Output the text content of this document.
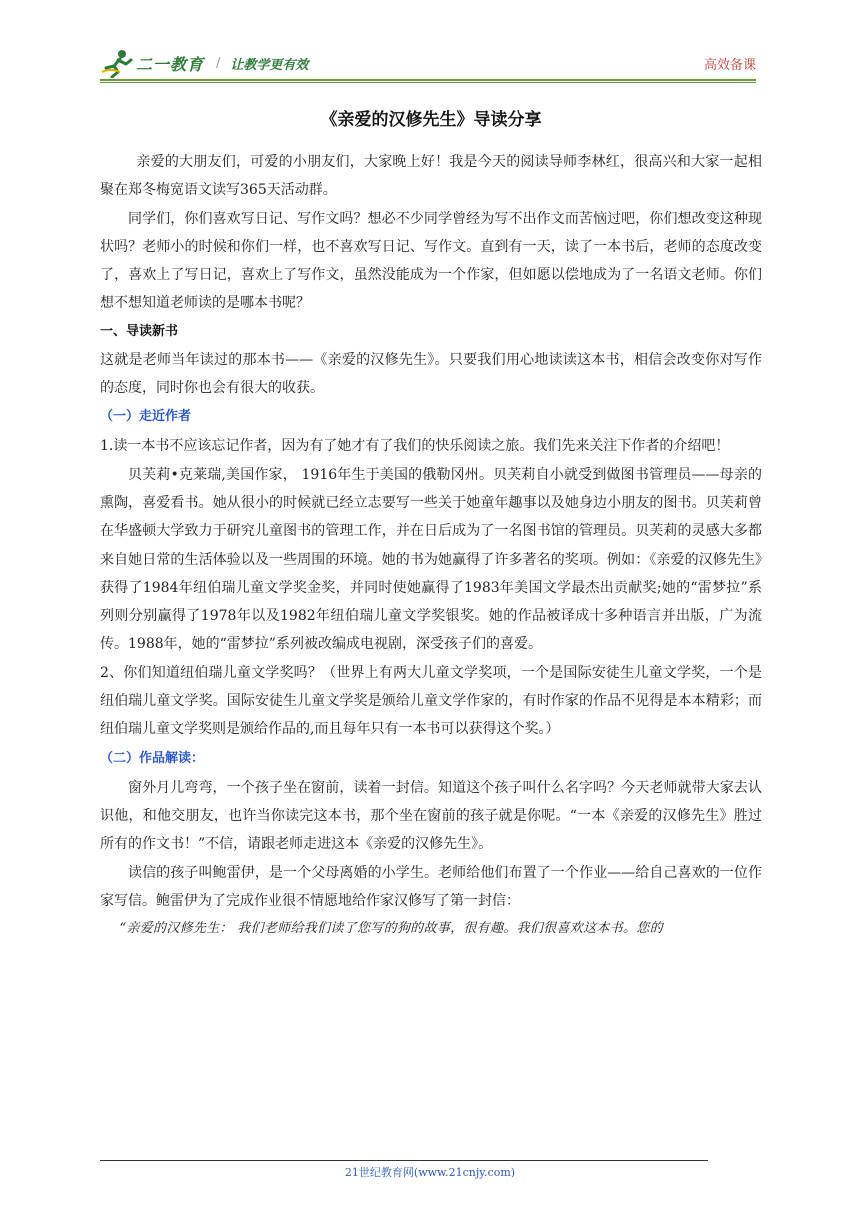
二一教育 / 让教学更有效	高效备课
《亲爱的汉修先生》导读分享

亲爱的大朋友们，可爱的小朋友们，大家晚上好！我是今天的阅读导师李林红，很高兴和大家一起相聚在郑冬梅宽语文读写365天活动群。

同学们，你们喜欢写日记、写作文吗？想必不少同学曾经为写不出作文而苦恼过吧，你们想改变这种现状吗？老师小的时候和你们一样，也不喜欢写日记、写作文。直到有一天，读了一本书后，老师的态度改变了，喜欢上了写日记，喜欢上了写作文，虽然没能成为一个作家，但如愿以偿地成为了一名语文老师。你们想不想知道老师读的是哪本书呢？

一、导读新书

这就是老师当年读过的那本书——《亲爱的汉修先生》。只要我们用心地读读这本书，相信会改变你对写作的态度，同时你也会有很大的收获。

（一）走近作者

1.读一本书不应该忘记作者，因为有了她才有了我们的快乐阅读之旅。我们先来关注下作者的介绍吧！

贝芙莉•克莱瑞,美国作家， 1916年生于美国的俄勒冈州。贝芙莉自小就受到做图书管理员——母亲的熏陶，喜爱看书。她从很小的时候就已经立志要写一些关于她童年趣事以及她身边小朋友的图书。贝芙莉曾在华盛顿大学致力于研究儿童图书的管理工作，并在日后成为了一名图书馆的管理员。贝芙莉的灵感大多都来自她日常的生活体验以及一些周围的环境。她的书为她赢得了许多著名的奖项。例如：《亲爱的汉修先生》获得了1984年纽伯瑞儿童文学奖金奖，并同时使她赢得了1983年美国文学最杰出贡献奖;她的“雷梦拉”系列则分别赢得了1978年以及1982年纽伯瑞儿童文学奖银奖。她的作品被译成十多种语言并出版，广为流传。1988年，她的“雷梦拉”系列被改编成电视剧，深受孩子们的喜爱。

2、你们知道纽伯瑞儿童文学奖吗？（世界上有两大儿童文学奖项，一个是国际安徒生儿童文学奖，一个是纽伯瑞儿童文学奖。国际安徒生儿童文学奖是颁给儿童文学作家的，有时作家的作品不见得是本本精彩；而纽伯瑞儿童文学奖则是颁给作品的,而且每年只有一本书可以获得这个奖。）

（二）作品解读：

窗外月儿弯弯，一个孩子坐在窗前，读着一封信。知道这个孩子叫什么名字吗？今天老师就带大家去认识他，和他交朋友，也许当你读完这本书，那个坐在窗前的孩子就是你呢。“一本《亲爱的汉修先生》胜过所有的作文书！”不信，请跟老师走进这本《亲爱的汉修先生》。

读信的孩子叫鲍雷伊，是一个父母离婚的小学生。老师给他们布置了一个作业——给自己喜欢的一位作家写信。鲍雷伊为了完成作业很不情愿地给作家汉修写了第一封信：

“亲爱的汉修先生： 我们老师给我们读了您写的狗的故事，很有趣。我们很喜欢这本书。您的

21世纪教育网(www.21cnjy.com)
